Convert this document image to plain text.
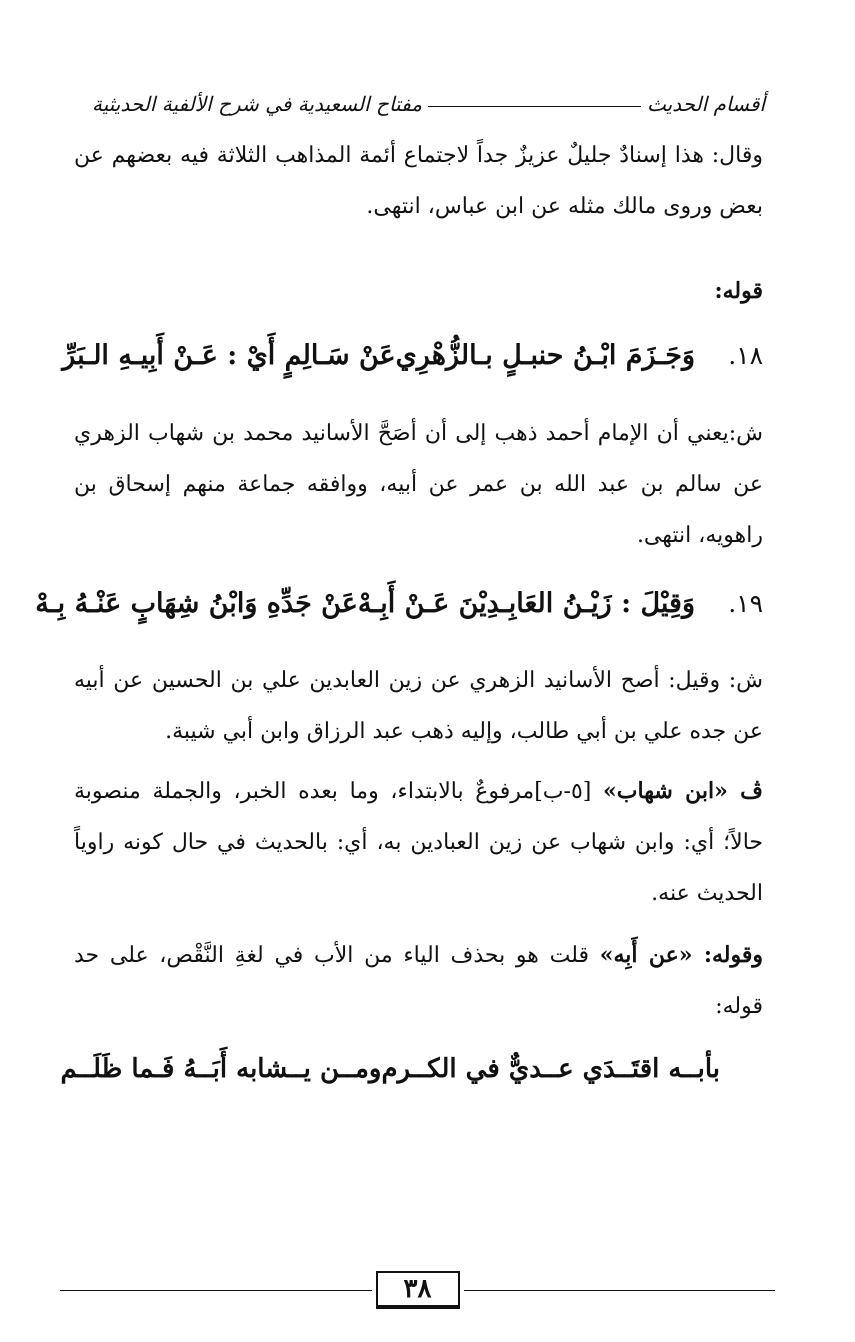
أقسام الحديث
مفتاح السعيدية في شرح الألفية الحديثية

وقال: هذا إسنادٌ جليلٌ عزيزٌ جداً لاجتماع أئمة المذاهب الثلاثة فيه بعضهم عن بعض وروى مالك مثله عن ابن عباس، انتهى.

قوله:
١٨.
وَجَـزَمَ ابْـنُ حنبـلٍ بـالزُّهْرِي
عَنْ سَـالِمٍ أَيْ : عَـنْ أَبِيـهِ الـبَرِّ

ش:يعني أن الإمام أحمد ذهب إلى أن أصَحَّ الأسانيد محمد بن شهاب الزهري عن سالم بن عبد الله بن عمر عن أبيه، ووافقه جماعة منهم إسحاق بن راهويه، انتهى.

١٩.
وَقِيْلَ : زَيْـنُ العَابِـدِيْنَ عَـنْ أَبِـهْ
عَنْ جَدِّهِ وَابْنُ شِهَابٍ عَنْـهُ بِـهْ

ش: وقيل: أصح الأسانيد الزهري عن زين العابدين علي بن الحسين عن أبيه عن جده علي بن أبي طالب، وإليه ذهب عبد الرزاق وابن أبي شيبة.

ڤ «ابن شهاب» [٥-ب]مرفوعٌ بالابتداء، وما بعده الخبر، والجملة منصوبة حالاً؛ أي: وابن شهاب عن زين العبادين به، أي: بالحديث في حال كونه راوياً الحديث عنه.

وقوله: «عن أَبِه» قلت هو بحذف الياء من الأب في لغةِ النَّقْص، على حد قوله:

بأبــه اقتَــدَي عــديٌّ في الكــرم
ومــن يــشابه أَبَــهُ فَـما ظَلَــم
٣٨
